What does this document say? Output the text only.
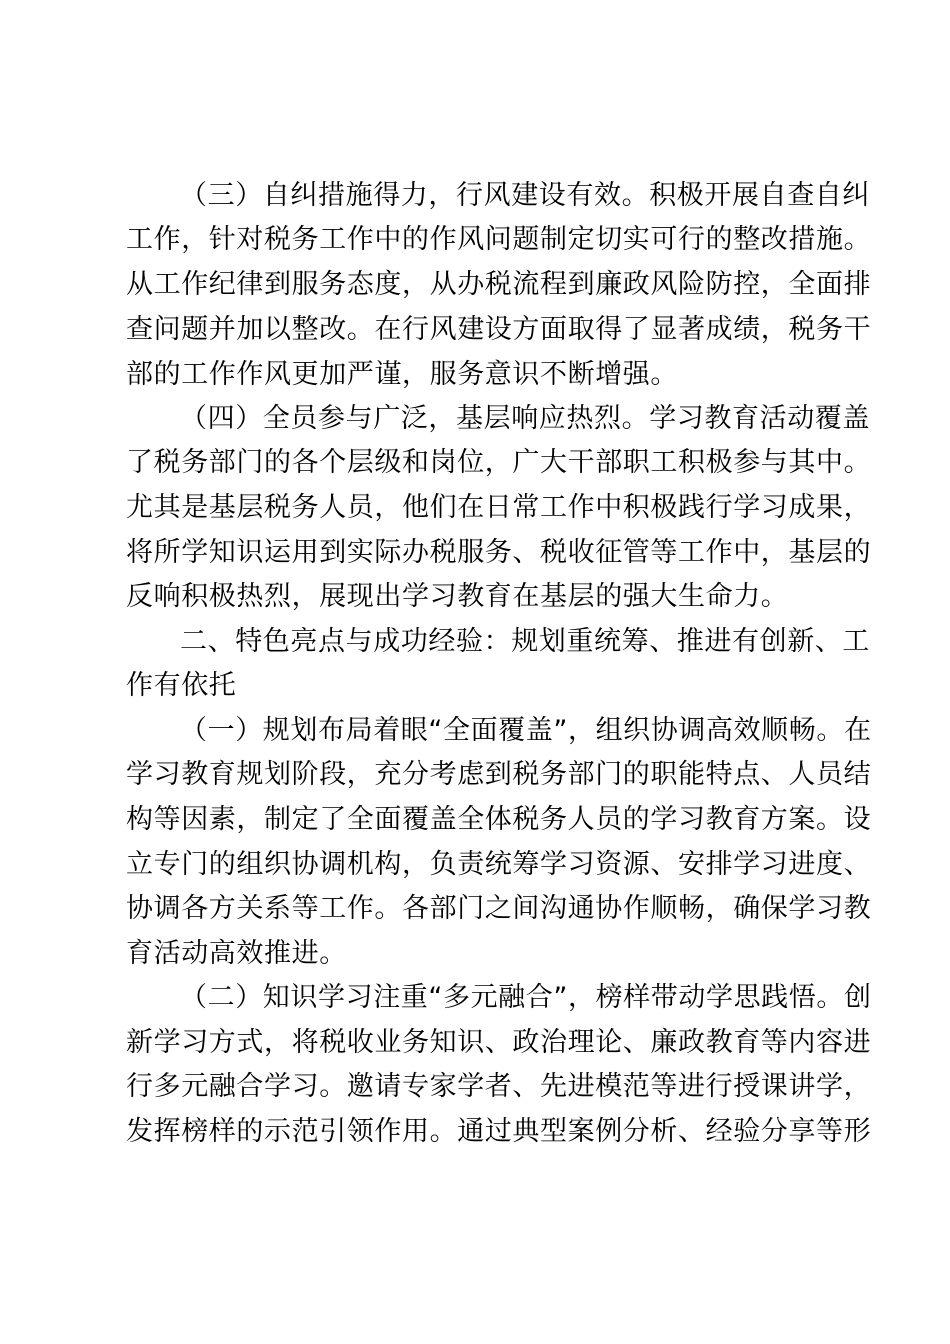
（三）自纠措施得力，行风建设有效。积极开展自查自纠
工作，针对税务工作中的作风问题制定切实可行的整改措施。
从工作纪律到服务态度，从办税流程到廉政风险防控，全面排
查问题并加以整改。在行风建设方面取得了显著成绩，税务干
部的工作作风更加严谨，服务意识不断增强。
（四）全员参与广泛，基层响应热烈。学习教育活动覆盖
了税务部门的各个层级和岗位，广大干部职工积极参与其中。
尤其是基层税务人员，他们在日常工作中积极践行学习成果，
将所学知识运用到实际办税服务、税收征管等工作中，基层的
反响积极热烈，展现出学习教育在基层的强大生命力。
二、特色亮点与成功经验：规划重统筹、推进有创新、工
作有依托
（一）规划布局着眼“全面覆盖”，组织协调高效顺畅。在
学习教育规划阶段，充分考虑到税务部门的职能特点、人员结
构等因素，制定了全面覆盖全体税务人员的学习教育方案。设
立专门的组织协调机构，负责统筹学习资源、安排学习进度、
协调各方关系等工作。各部门之间沟通协作顺畅，确保学习教
育活动高效推进。
（二）知识学习注重“多元融合”，榜样带动学思践悟。创
新学习方式，将税收业务知识、政治理论、廉政教育等内容进
行多元融合学习。邀请专家学者、先进模范等进行授课讲学，
发挥榜样的示范引领作用。通过典型案例分析、经验分享等形
